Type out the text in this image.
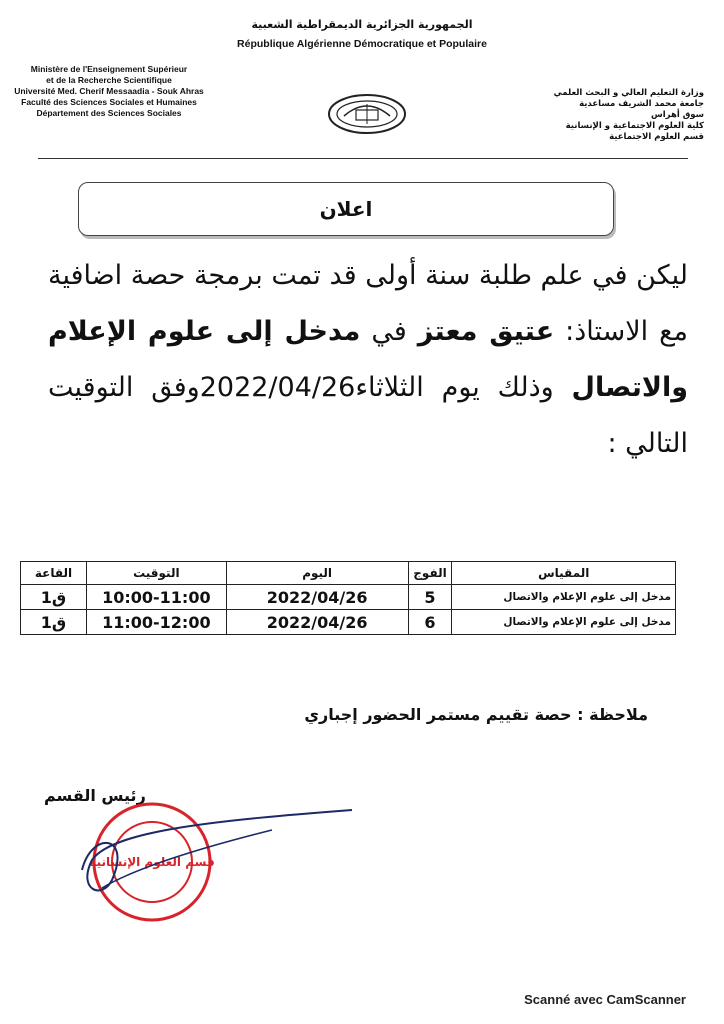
الجمهورية الجزائرية الديمقراطية الشعبية
République Algérienne Démocratique et Populaire
Ministère de l'Enseignement Supérieur
et de la Recherche Scientifique
Université Med. Cherif Messaadia - Souk Ahras
Faculté des Sciences Sociales et Humaines
Département des Sciences Sociales
وزارة التعليم العالي و البحث العلمي
جامعة محمد الشريف مساعدية
سوق أهراس
كلية العلوم الاجتماعية و الإنسانية
قسم العلوم الاجتماعية
اعلان
ليكن في علم طلبة سنة أولى قد تمت برمجة حصة اضافية مع الاستاذ: عتيق معتز في مدخل إلى علوم الإعلام والاتصال وذلك يوم الثلاثاء2022/04/26وفق التوقيت التالي :
المقياس	الفوج	اليوم	التوقيت	القاعة
مدخل إلى علوم الإعلام والاتصال	5	2022/04/26	10:00-11:00	ق1
مدخل إلى علوم الإعلام والاتصال	6	2022/04/26	11:00-12:00	ق1
ملاحظة : حصة تقييم مستمر الحضور إجباري
رئيس القسم
قسم العلوم الإنسانية
Scanné avec CamScanner
